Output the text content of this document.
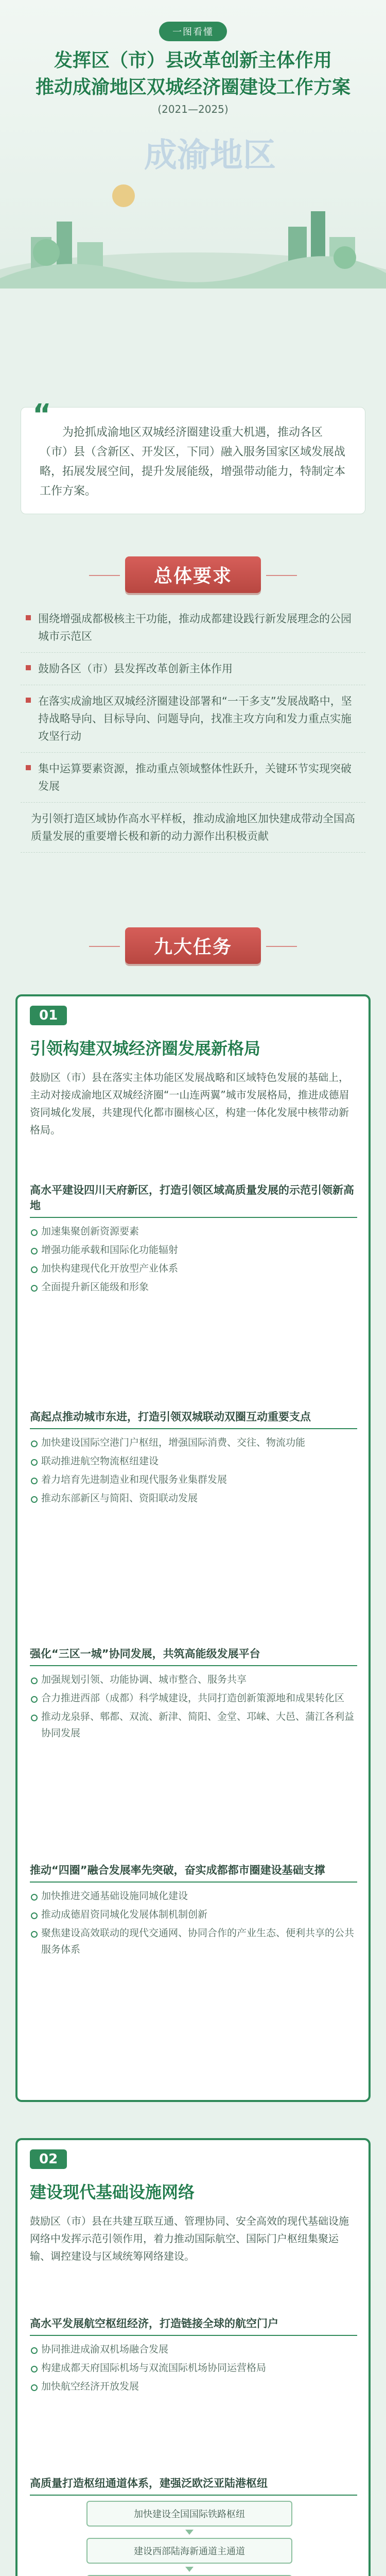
一图看懂
发挥区（市）县改革创新主体作用
推动成渝地区双城经济圈建设工作方案
(2021—2025)
成渝地区
“

为抢抓成渝地区双城经济圈建设重大机遇，推动各区（市）县（含新区、开发区，下同）融入服务国家区域发展战略，拓展发展空间，提升发展能级，增强带动能力，特制定本工作方案。

总体要求
围绕增强成都极核主干功能，推动成都建设践行新发展理念的公园城市示范区
鼓励各区（市）县发挥改革创新主体作用
在落实成渝地区双城经济圈建设部署和“一干多支”发展战略中，坚持战略导向、目标导向、问题导向，找准主攻方向和发力重点实施攻坚行动
集中运算要素资源，推动重点领域整体性跃升，关键环节实现突破发展
为引领打造区域协作高水平样板，推动成渝地区加快建成带动全国高质量发展的重要增长极和新的动力源作出积极贡献
九大任务
01
引领构建双城经济圈发展新格局
鼓励区（市）县在落实主体功能区发展战略和区域特色发展的基础上，主动对接成渝地区双城经济圈“一山连两翼”城市发展格局，推进成德眉资同城化发展，共建现代化都市圈核心区，构建一体化发展中核带动新格局。
高水平建设四川天府新区，打造引领区域高质量发展的示范引领新高地
加速集聚创新资源要素
增强功能承载和国际化功能辐射
加快构建现代化开放型产业体系
全面提升新区能级和形象
高起点推动城市东进，打造引领双城联动双圈互动重要支点
加快建设国际空港门户枢纽，增强国际消费、交往、物流功能
联动推进航空物流枢纽建设
着力培育先进制造业和现代服务业集群发展
推动东部新区与简阳、资阳联动发展
强化“三区一城”协同发展，共筑高能级发展平台
加强规划引领、功能协调、城市整合、服务共享
合力推进西部（成都）科学城建设，共同打造创新策源地和成果转化区
推动龙泉驿、郫都、双流、新津、简阳、金堂、邛崃、大邑、蒲江各利益协同发展
推动“四圈”融合发展率先突破，奋实成都都市圈建设基础支撑
加快推进交通基础设施同城化建设
推动成德眉资同城化发展体制机制创新
聚焦建设高效联动的现代交通网、协同合作的产业生态、便利共享的公共服务体系
02
建设现代基础设施网络
鼓励区（市）县在共建互联互通、管理协同、安全高效的现代基础设施网络中发挥示范引领作用，着力推动国际航空、国际门户枢纽集聚运输、调控建设与区域统筹网络建设。
高水平发展航空枢纽经济，打造链接全球的航空门户
协同推进成渝双机场融合发展
构建成都天府国际机场与双流国际机场协同运营格局
加快航空经济开放发展
高质量打造枢纽通道体系，建强泛欧泛亚陆港枢纽
加快建设全国国际铁路枢纽
建设西部陆海新通道主通道
